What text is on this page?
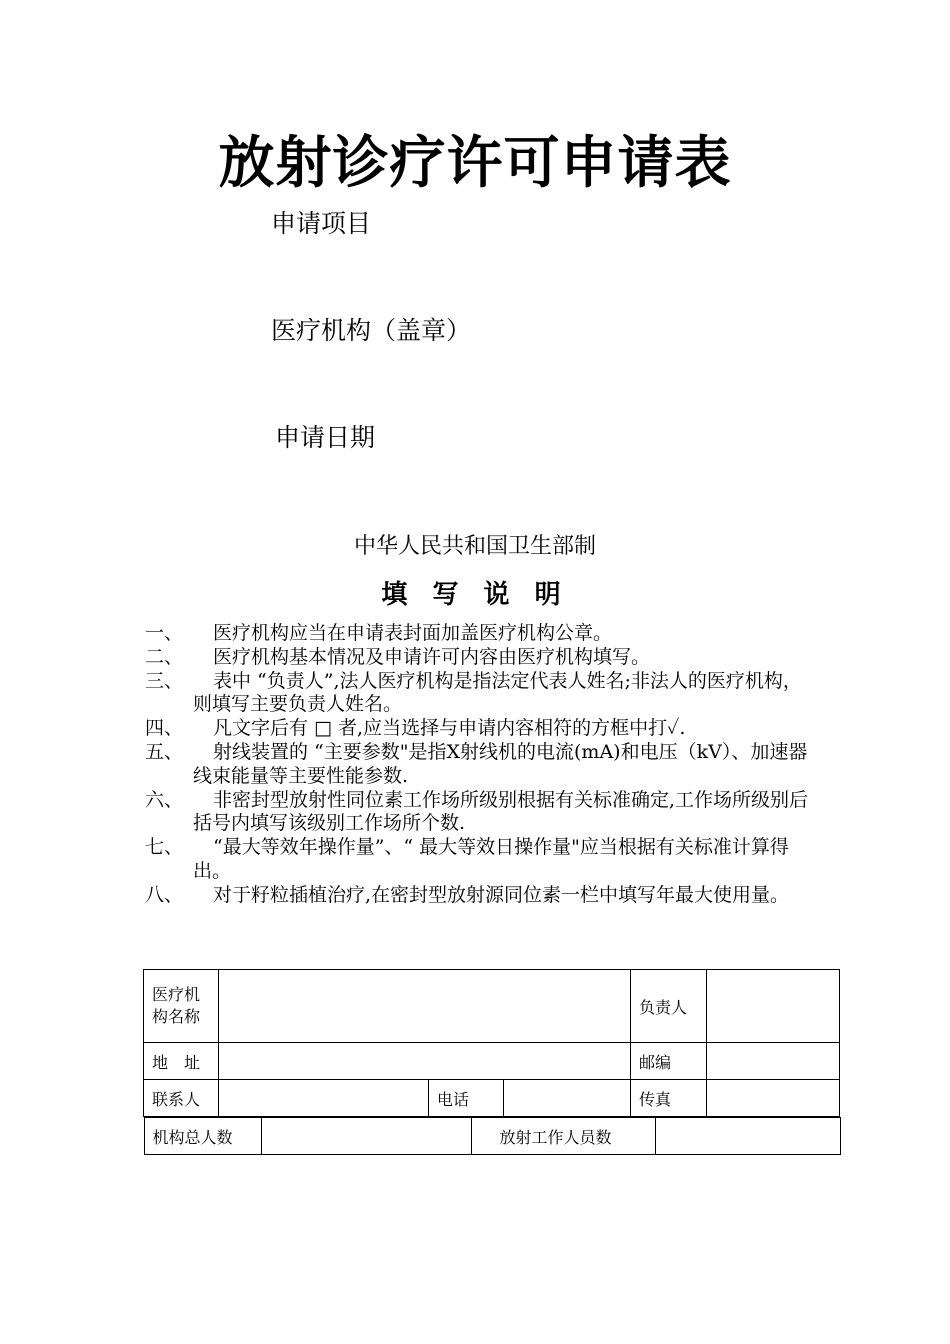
放射诊疗许可申请表
申请项目
医疗机构（盖章）
申请日期
中华人民共和国卫生部制
填 写 说 明
一、	医疗机构应当在申请表封面加盖医疗机构公章。
二、	医疗机构基本情况及申请许可内容由医疗机构填写。
三、	表中 “负责人”,法人医疗机构是指法定代表人姓名;非法人的医疗机构，则填写主要负责人姓名。
四、	凡文字后有 □ 者,应当选择与申请内容相符的方框中打✓.
五、	射线装置的 “主要参数"是指X射线机的电流(mA)和电压（kV）、加速器线束能量等主要性能参数.
六、	非密封型放射性同位素工作场所级别根据有关标准确定,工作场所级别后括号内填写该级别工作场所个数.
七、	“最大等效年操作量”、“ 最大等效日操作量"应当根据有关标准计算得出。
八、	对于籽粒插植治疗,在密封型放射源同位素一栏中填写年最大使用量。
医疗机构名称		负责人	
地　址		邮编	
联系人		电话		传真	

机构总人数		放射工作人员数	
